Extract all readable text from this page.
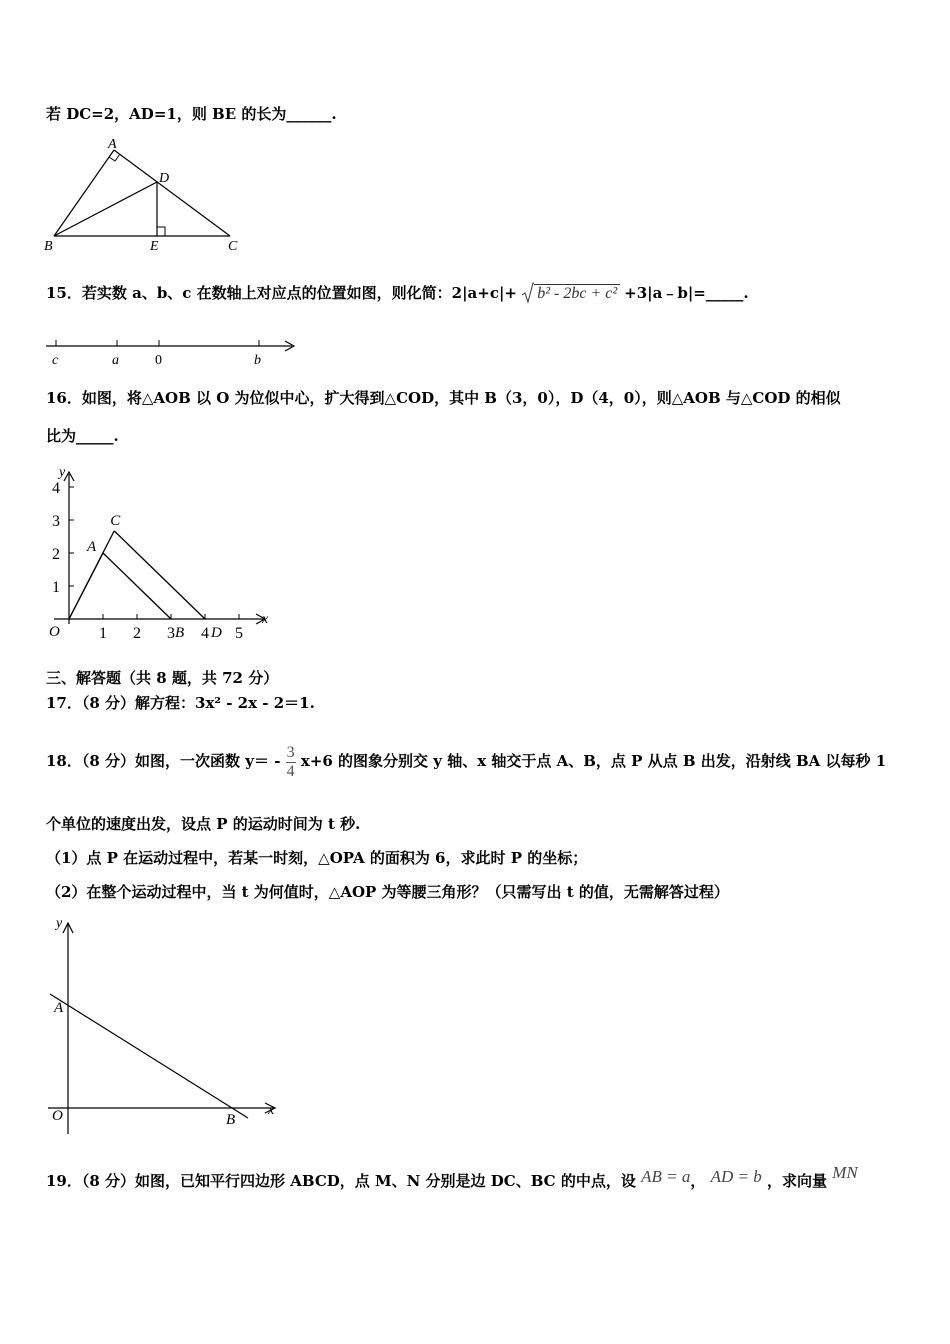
若 DC=2，AD=1，则 BE 的长为______.
A
D
B	E	C
15．若实数 a、b、c 在数轴上对应点的位置如图，则化简：2|a+c|+ b² - 2bc + c² +3|a﹣b|=_____.
c	a	0	b
16．如图，将△AOB 以 O 为位似中心，扩大得到△COD，其中 B（3，0），D（4，0），则△AOB 与△COD 的相似
比为_____.
y
x
O
1
2
3
4
1 2 3 4 5
A
C
B D
三、解答题（共 8 题，共 72 分）
17．（8 分）解方程：3x² - 2x - 2＝1.
18．（8 分）如图，一次函数 $y= - \frac{3}{4} x+6$ 的图象分别交 y 轴、x 轴交于点 A、B，点 P 从点 B 出发，沿射线 BA 以每秒 1
个单位的速度出发，设点 P 的运动时间为 t 秒.
（1）点 P 在运动过程中，若某一时刻，△OPA 的面积为 6，求此时 P 的坐标；
（2）在整个运动过程中，当 t 为何值时，△AOP 为等腰三角形？（只需写出 t 的值，无需解答过程）
y
x
A
O	B
19．（8 分）如图，已知平行四边形 ABCD，点 M、N 分别是边 DC、BC 的中点，设 AB = a， AD = b ，求向量 MN
